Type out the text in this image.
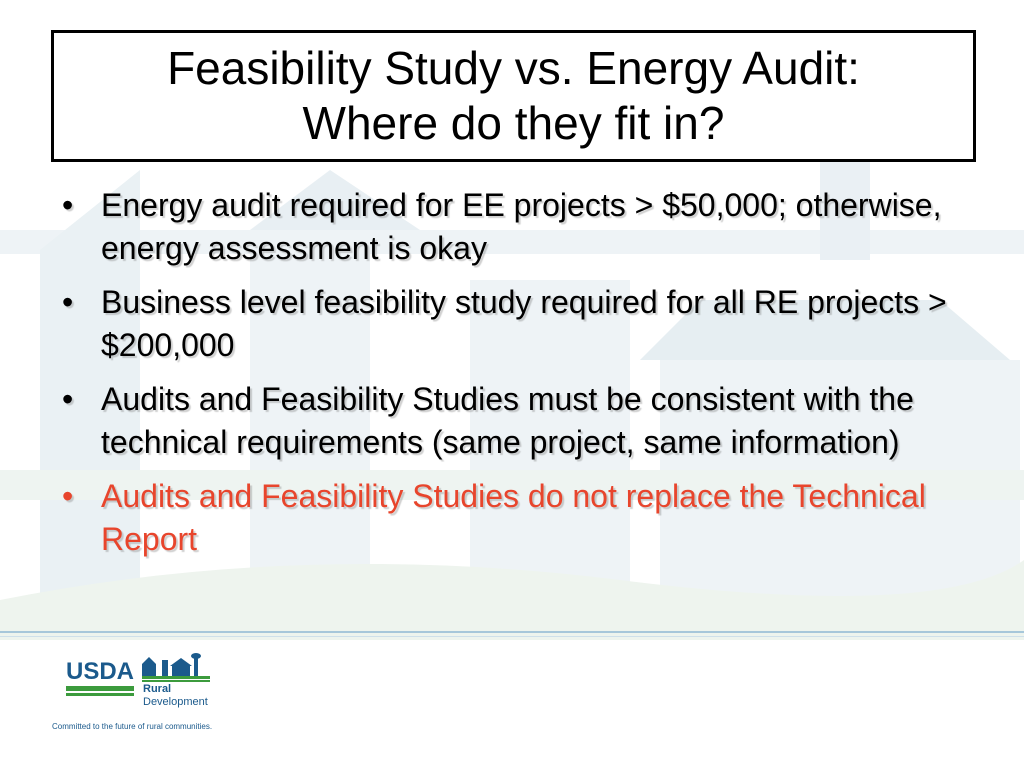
Feasibility Study vs. Energy Audit:
Where do they fit in?
• Energy audit required for EE projects > $50,000; otherwise, energy assessment is okay
• Business level feasibility study required for all RE projects > $200,000
• Audits and Feasibility Studies must be consistent with the technical requirements (same project, same information)
• Audits and Feasibility Studies do not replace the Technical Report
USDA
Rural
Development
Committed to the future of rural communities.
